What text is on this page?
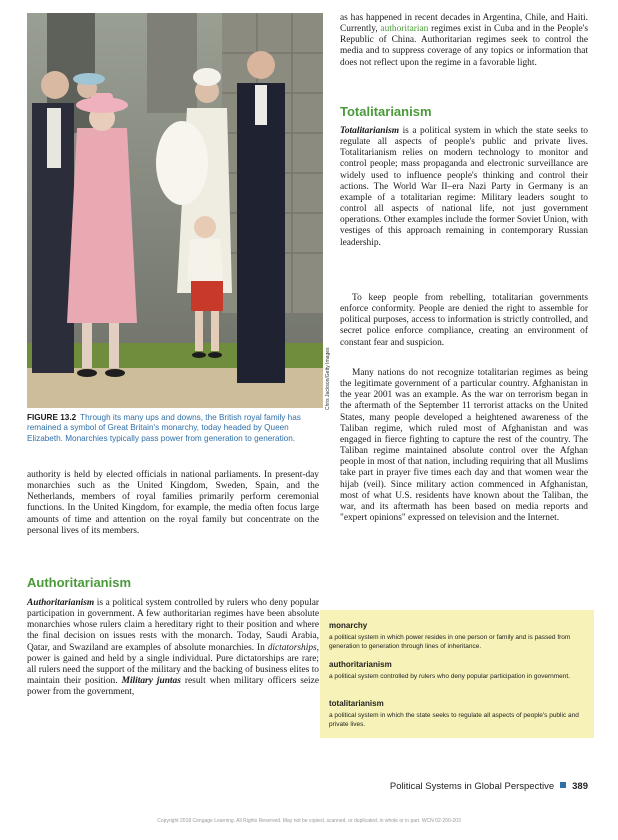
Chris Jackson/Getty Images
FIGURE 13.2 Through its many ups and downs, the British royal family has remained a symbol of Great Britain's monarchy, today headed by Queen Elizabeth. Monarchies typically pass power from generation to generation.

authority is held by elected officials in national parliaments. In present-day monarchies such as the United Kingdom, Sweden, Spain, and the Netherlands, members of royal families primarily perform ceremonial functions. In the United Kingdom, for example, the media often focus large amounts of time and attention on the royal family but concentrate on the personal lives of its members.

Authoritarianism

Authoritarianism is a political system controlled by rulers who deny popular participation in government. A few authoritarian regimes have been absolute monarchies whose rulers claim a hereditary right to their position and where the final decision on issues rests with the monarch. Today, Saudi Arabia, Qatar, and Swaziland are examples of absolute monarchies. In dictatorships, power is gained and held by a single individual. Pure dictatorships are rare; all rulers need the support of the military and the backing of business elites to maintain their position. Military juntas result when military officers seize power from the government,

as has happened in recent decades in Argentina, Chile, and Haiti. Currently, authoritarian regimes exist in Cuba and in the People's Republic of China. Authoritarian regimes seek to control the media and to suppress coverage of any topics or information that does not reflect upon the regime in a favorable light.

Totalitarianism

Totalitarianism is a political system in which the state seeks to regulate all aspects of people's public and private lives. Totalitarianism relies on modern technology to monitor and control people; mass propaganda and electronic surveillance are widely used to influence people's thinking and control their actions. The World War II–era Nazi Party in Germany is an example of a totalitarian regime: Military leaders sought to control all aspects of national life, not just government operations. Other examples include the former Soviet Union, with vestiges of this approach remaining in contemporary Russian leadership.

To keep people from rebelling, totalitarian governments enforce conformity. People are denied the right to assemble for political purposes, access to information is strictly controlled, and secret police enforce compliance, creating an environment of constant fear and suspicion.

Many nations do not recognize totalitarian regimes as being the legitimate government of a particular country. Afghanistan in the year 2001 was an example. As the war on terrorism began in the aftermath of the September 11 terrorist attacks on the United States, many people developed a heightened awareness of the Taliban regime, which ruled most of Afghanistan and was engaged in fierce fighting to capture the rest of the country. The Taliban regime maintained absolute control over the Afghan people in most of that nation, including requiring that all Muslims take part in prayer five times each day and that women wear the hijab (veil). Since military action commenced in Afghanistan, most of what U.S. residents have known about the Taliban, the war, and its aftermath has been based on media reports and "expert opinions" expressed on television and the Internet.

monarchy
a political system in which power resides in one person or family and is passed from generation to generation through lines of inheritance.
authoritarianism
a political system controlled by rulers who deny popular participation in government.
totalitarianism
a political system in which the state seeks to regulate all aspects of people's public and private lives.
Political Systems in Global Perspective 389
Copyright 2018 Cengage Learning. All Rights Reserved. May not be copied, scanned, or duplicated, in whole or in part. WCN 02-200-203
